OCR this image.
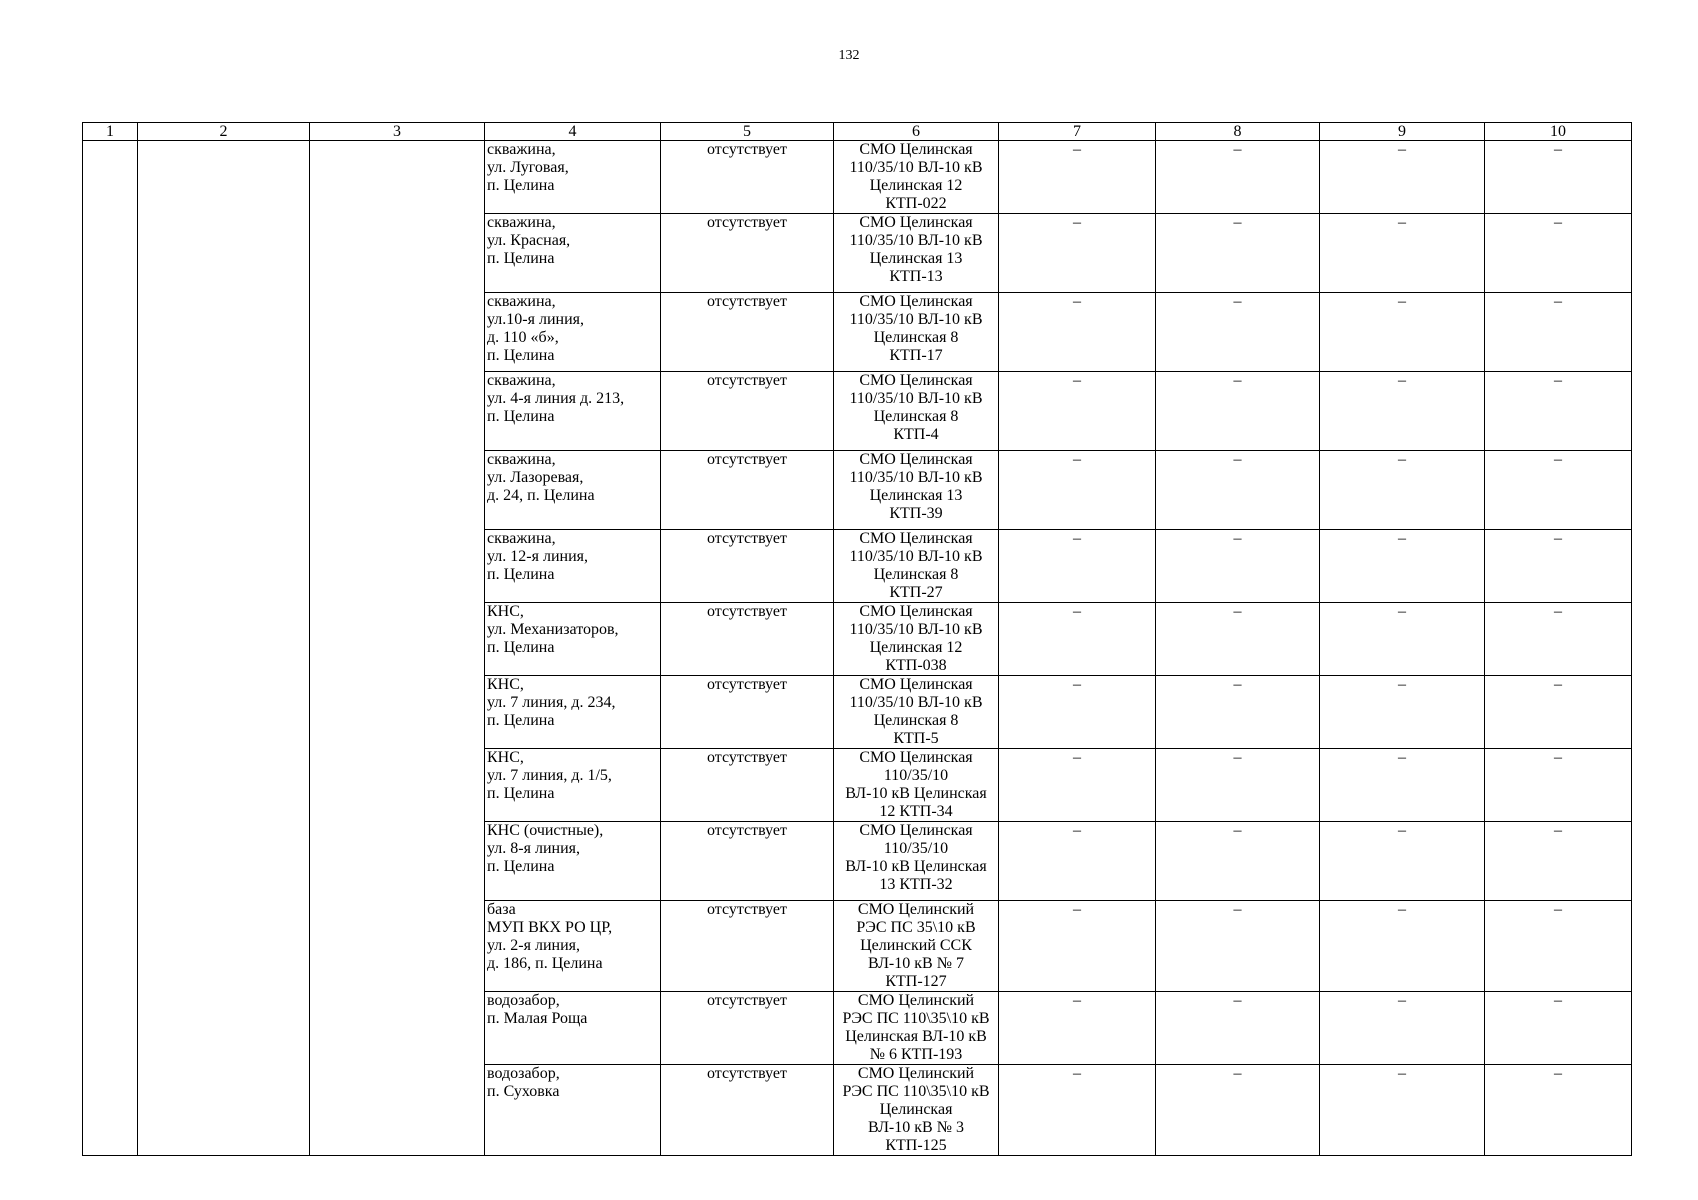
132
1	2	3	4	5	6	7	8	9	10

			скважина,
ул. Луговая,
п. Целина	отсутствует	СМО Целинская
110/35/10 ВЛ-10 кВ
Целинская 12
КТП-022	–	–	–	–

			скважина,
ул. Красная,
п. Целина	отсутствует	СМО Целинская
110/35/10 ВЛ-10 кВ
Целинская 13
КТП-13	–	–	–	–

			скважина,
ул.10-я линия,
д. 110 «б»,
п. Целина	отсутствует	СМО Целинская
110/35/10 ВЛ-10 кВ
Целинская 8
КТП-17	–	–	–	–

			скважина,
ул. 4-я линия д. 213,
п. Целина	отсутствует	СМО Целинская
110/35/10 ВЛ-10 кВ
Целинская 8
КТП-4	–	–	–	–

			скважина,
ул. Лазоревая,
д. 24, п. Целина	отсутствует	СМО Целинская
110/35/10 ВЛ-10 кВ
Целинская 13
КТП-39	–	–	–	–

			скважина,
ул. 12-я линия,
п. Целина	отсутствует	СМО Целинская
110/35/10 ВЛ-10 кВ
Целинская 8
КТП-27	–	–	–	–

			КНС,
ул. Механизаторов,
п. Целина	отсутствует	СМО Целинская
110/35/10 ВЛ-10 кВ
Целинская 12
КТП-038	–	–	–	–

			КНС,
ул. 7 линия, д. 234,
п. Целина	отсутствует	СМО Целинская
110/35/10 ВЛ-10 кВ
Целинская 8
КТП-5	–	–	–	–

			КНС,
ул. 7 линия, д. 1/5,
п. Целина	отсутствует	СМО Целинская
110/35/10
ВЛ-10 кВ Целинская
12 КТП-34	–	–	–	–

			КНС (очистные),
ул. 8-я линия,
п. Целина	отсутствует	СМО Целинская
110/35/10
ВЛ-10 кВ Целинская
13 КТП-32	–	–	–	–

			база
МУП ВКХ РО ЦР,
ул. 2-я линия,
д. 186, п. Целина	отсутствует	СМО Целинский
РЭС ПС 35\10 кВ
Целинский ССК
ВЛ-10 кВ № 7
КТП-127	–	–	–	–

			водозабор,
п. Малая Роща	отсутствует	СМО Целинский
РЭС ПС 110\35\10 кВ
Целинская ВЛ-10 кВ
№ 6 КТП-193	–	–	–	–

			водозабор,
п. Суховка	отсутствует	СМО Целинский
РЭС ПС 110\35\10 кВ
Целинская
ВЛ-10 кВ № 3
КТП-125	–	–	–	–
